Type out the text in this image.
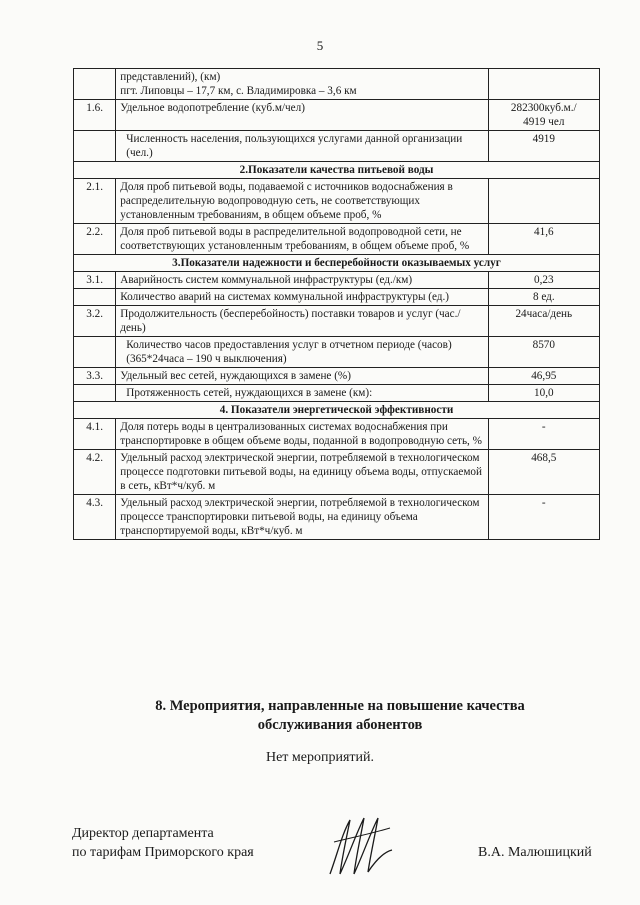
5
	представлений), (км)
пгт. Липовцы – 17,7 км, с. Владимировка – 3,6 км	
1.6.	Удельное водопотребление (куб.м/чел)	282300куб.м./
4919 чел
	Численность населения, пользующихся услугами данной организации (чел.)	4919
2.Показатели качества питьевой воды		
2.1.	Доля проб питьевой воды, подаваемой с источников водоснабжения в распределительную водопроводную сеть, не соответствующих установленным требованиям, в общем объеме проб, %	
2.2.	Доля проб питьевой воды в распределительной водопроводной сети, не соответствующих установленным требованиям, в общем объеме проб, %	41,6
3.Показатели надежности и бесперебойности оказываемых услуг		
3.1.	Аварийность систем коммунальной инфраструктуры (ед./км)	0,23
	Количество аварий на системах коммунальной инфраструктуры (ед.)	8 ед.
3.2.	Продолжительность (бесперебойность) поставки товаров и услуг (час./день)	24часа/день
	Количество часов предоставления услуг в отчетном периоде (часов) (365*24часа – 190 ч выключения)	8570
3.3.	Удельный вес сетей, нуждающихся в замене (%)	46,95
	Протяженность сетей, нуждающихся в замене (км):	10,0
4. Показатели энергетической эффективности		
4.1.	Доля потерь воды в централизованных системах водоснабжения при транспортировке в общем объеме воды, поданной в водопроводную сеть, %	-
4.2.	Удельный расход электрической энергии, потребляемой в технологическом процессе подготовки питьевой воды, на единицу объема воды, отпускаемой в сеть, кВт*ч/куб. м	468,5
4.3.	Удельный расход электрической энергии, потребляемой в технологическом процессе транспортировки питьевой воды, на единицу объема транспортируемой воды, кВт*ч/куб. м	-
8. Мероприятия, направленные на повышение качества
обслуживания абонентов
Нет мероприятий.
Директор департамента
по тарифам Приморского края	В.А. Малюшицкий
